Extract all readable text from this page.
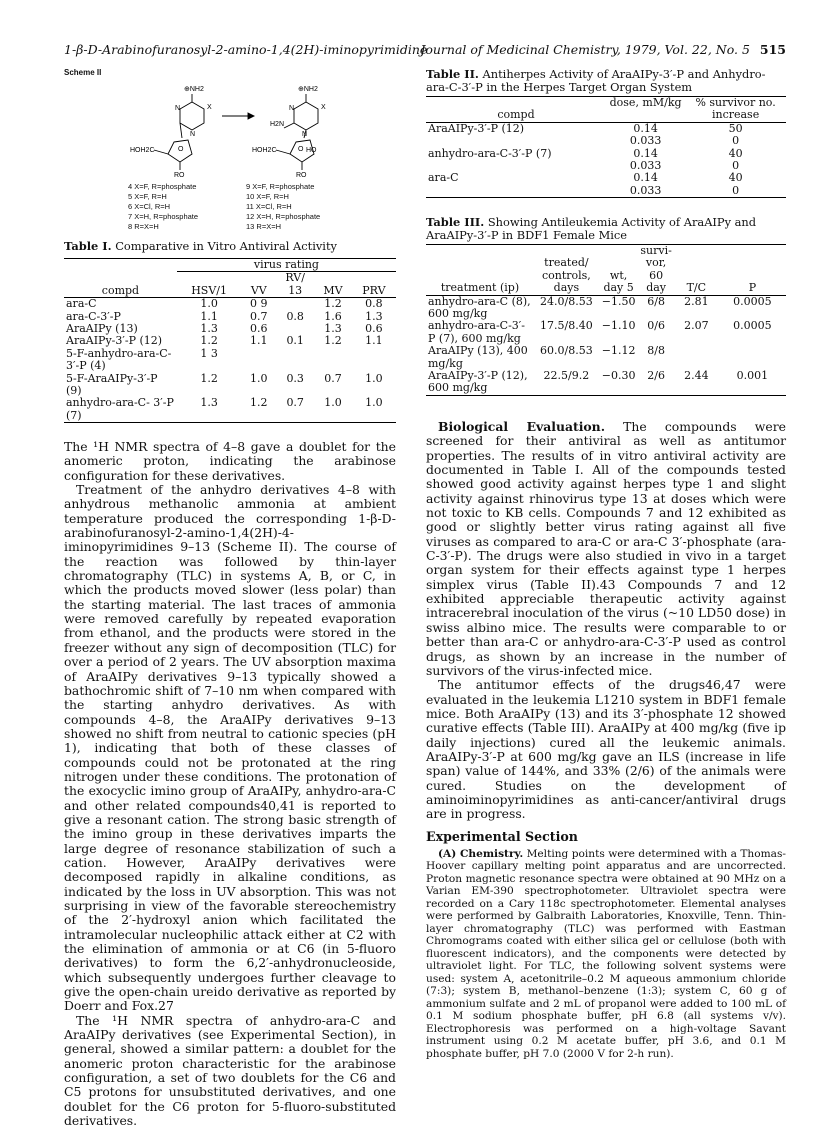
1-β-D-Arabinofuranosyl-2-amino-1,4(2H)-iminopyrimidine
Journal of Medicinal Chemistry, 1979, Vol. 22, No. 5 515
Scheme II
⊕NH2
N	X
N
HOH2C	O
RO
⊕NH2
N	X
H2N
N
HOH2C	O HO
RO
4 X=F, R=phosphate
5 X=F, R=H
6 X=Cl, R=H
7 X=H, R=phosphate
8 R=X=H
9 X=F, R=phosphate
10 X=F, R=H
11 X=Cl, R=H
12 X=H, R=phosphate
13 R=X=H
Table I. Comparative in Vitro Antiviral Activity
	virus rating				
compd	HSV/1	VV	RV/ 13	MV	PRV
ara-C	1.0	0 9		1.2	0.8
ara-C-3′-P	1.1	0.7	0.8	1.6	1.3
AraAIPy (13)	1.3	0.6		1.3	0.6
AraAIPy-3′-P (12)	1.2	1.1	0.1	1.2	1.1
5-F-anhydro-ara-C- 3′-P (4)	1 3				
5-F-AraAIPy-3′-P (9)	1.2	1.0	0.3	0.7	1.0
anhydro-ara-C- 3′-P (7)	1.3	1.2	0.7	1.0	1.0

The ¹H NMR spectra of 4–8 gave a doublet for the anomeric proton, indicating the arabinose configuration for these derivatives.

Treatment of the anhydro derivatives 4–8 with anhydrous methanolic ammonia at ambient temperature produced the corresponding 1-β-D-arabinofuranosyl-2-amino-1,4(2H)-4-iminopyrimidines 9–13 (Scheme II). The course of the reaction was followed by thin-layer chromatography (TLC) in systems A, B, or C, in which the products moved slower (less polar) than the starting material. The last traces of ammonia were removed carefully by repeated evaporation from ethanol, and the products were stored in the freezer without any sign of decomposition (TLC) for over a period of 2 years. The UV absorption maxima of AraAIPy derivatives 9–13 typically showed a bathochromic shift of 7–10 nm when compared with the starting anhydro derivatives. As with compounds 4–8, the AraAIPy derivatives 9–13 showed no shift from neutral to cationic species (pH 1), indicating that both of these classes of compounds could not be protonated at the ring nitrogen under these conditions. The protonation of the exocyclic imino group of AraAIPy, anhydro-ara-C and other related compounds40,41 is reported to give a resonant cation. The strong basic strength of the imino group in these derivatives imparts the large degree of resonance stabilization of such a cation. However, AraAIPy derivatives were decomposed rapidly in alkaline conditions, as indicated by the loss in UV absorption. This was not surprising in view of the favorable stereochemistry of the 2′-hydroxyl anion which facilitated the intramolecular nucleophilic attack either at C2 with the elimination of ammonia or at C6 (in 5-fluoro derivatives) to form the 6,2′-anhydronucleoside, which subsequently undergoes further cleavage to give the open-chain ureido derivative as reported by Doerr and Fox.27

The ¹H NMR spectra of anhydro-ara-C and AraAIPy derivatives (see Experimental Section), in general, showed a similar pattern: a doublet for the anomeric proton characteristic for the arabinose configuration, a set of two doublets for the C6 and C5 protons for unsubstituted derivatives, and one doublet for the C6 proton for 5-fluoro-substituted derivatives.

Table II. Antiherpes Activity of AraAIPy-3′-P and Anhydro-ara-C-3′-P in the Herpes Target Organ System
compd	dose, mM/kg	% survivor no. increase
AraAIPy-3′-P (12)	0.14	50
	0.033	0
anhydro-ara-C-3′-P (7)	0.14	40
	0.033	0
ara-C	0.14	40
	0.033	0
Table III. Showing Antileukemia Activity of AraAIPy and AraAIPy-3′-P in BDF1 Female Mice
treatment (ip)	treated/ controls, days	wt, day 5	survi- vor, 60 day	T/C	P
anhydro-ara-C (8), 600 mg/kg	24.0/8.53	−1.50	6/8	2.81	0.0005
anhydro-ara-C-3′- P (7), 600 mg/kg	17.5/8.40	−1.10	0/6	2.07	0.0005
AraAIPy (13), 400 mg/kg	60.0/8.53	−1.12	8/8		
AraAIPy-3′-P (12), 600 mg/kg	22.5/9.2	−0.30	2/6	2.44	0.001

Biological Evaluation. The compounds were screened for their antiviral as well as antitumor properties. The results of in vitro antiviral activity are documented in Table I. All of the compounds tested showed good activity against herpes type 1 and slight activity against rhinovirus type 13 at doses which were not toxic to KB cells. Compounds 7 and 12 exhibited as good or slightly better virus rating against all five viruses as compared to ara-C or ara-C 3′-phosphate (ara-C-3′-P). The drugs were also studied in vivo in a target organ system for their effects against type 1 herpes simplex virus (Table II).43 Compounds 7 and 12 exhibited appreciable therapeutic activity against intracerebral inoculation of the virus (~10 LD50 dose) in swiss albino mice. The results were comparable to or better than ara-C or anhydro-ara-C-3′-P used as control drugs, as shown by an increase in the number of survivors of the virus-infected mice.

The antitumor effects of the drugs46,47 were evaluated in the leukemia L1210 system in BDF1 female mice. Both AraAIPy (13) and its 3′-phosphate 12 showed curative effects (Table III). AraAIPy at 400 mg/kg (five ip daily injections) cured all the leukemic animals. AraAIPy-3′-P at 600 mg/kg gave an ILS (increase in life span) value of 144%, and 33% (2/6) of the animals were cured. Studies on the development of aminoiminopyrimidines as anti-cancer/antiviral drugs are in progress.

Experimental Section

(A) Chemistry. Melting points were determined with a Thomas-Hoover capillary melting point apparatus and are uncorrected. Proton magnetic resonance spectra were obtained at 90 MHz on a Varian EM-390 spectrophotometer. Ultraviolet spectra were recorded on a Cary 118c spectrophotometer. Elemental analyses were performed by Galbraith Laboratories, Knoxville, Tenn. Thin-layer chromatography (TLC) was performed with Eastman Chromograms coated with either silica gel or cellulose (both with fluorescent indicators), and the components were detected by ultraviolet light. For TLC, the following solvent systems were used: system A, acetonitrile–0.2 M aqueous ammonium chloride (7:3); system B, methanol–benzene (1:3); system C, 60 g of ammonium sulfate and 2 mL of propanol were added to 100 mL of 0.1 M sodium phosphate buffer, pH 6.8 (all systems v/v). Electrophoresis was performed on a high-voltage Savant instrument using 0.2 M acetate buffer, pH 3.6, and 0.1 M phosphate buffer, pH 7.0 (2000 V for 2-h run).
